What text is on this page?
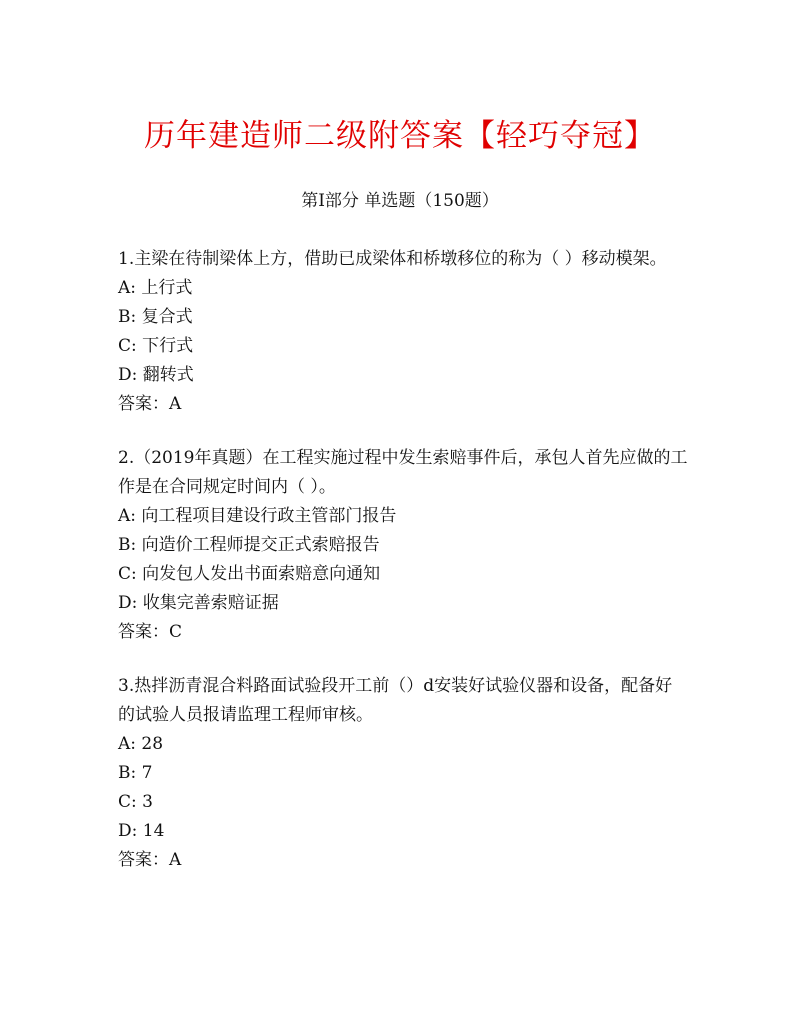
历年建造师二级附答案【轻巧夺冠】
第I部分 单选题（150题）

1.主梁在待制梁体上方，借助已成梁体和桥墩移位的称为（ ）移动模架。

A: 上行式

B: 复合式

C: 下行式

D: 翻转式

答案：A

2.（2019年真题）在工程实施过程中发生索赔事件后，承包人首先应做的工作是在合同规定时间内（ ）。

A: 向工程项目建设行政主管部门报告

B: 向造价工程师提交正式索赔报告

C: 向发包人发出书面索赔意向通知

D: 收集完善索赔证据

答案：C

3.热拌沥青混合料路面试验段开工前（）d安装好试验仪器和设备，配备好的试验人员报请监理工程师审核。

A: 28

B: 7

C: 3

D: 14

答案：A
